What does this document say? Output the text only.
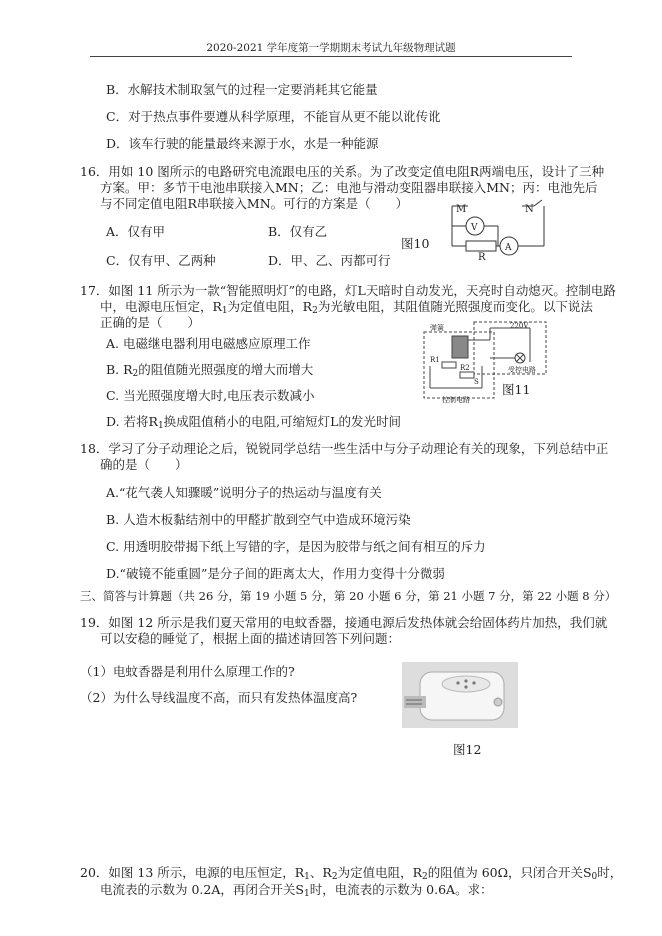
2020-2021 学年度第一学期期末考试九年级物理试题
B．水解技术制取氢气的过程一定要消耗其它能量
C．对于热点事件要遵从科学原理，不能盲从更不能以讹传讹
D．该车行驶的能量最终来源于水，水是一种能源
16．用如 10 图所示的电路研究电流跟电压的关系。为了改变定值电阻R两端电压，设计了三种
方案。甲：多节干电池串联接入MN；乙：电池与滑动变阻器串联接入MN；丙：电池先后
与不同定值电阻R串联接入MN。可行的方案是（　　）
A．仅有甲	B．仅有乙
C．仅有甲、乙两种	D．甲、乙、丙都可行
图10
M	N
V
R
A
17．如图 11 所示为一款“智能照明灯”的电路，灯L天暗时自动发光，天亮时自动熄灭。控制电路
中，电源电压恒定，$R_1$为定值电阻，$R_2$为光敏电阻，其阻值随光照强度而变化。以下说法
正确的是（　　）
A. 电磁继电器利用电磁感应原理工作
B. $R_2$的阻值随光照强度的增大而增大
C. 当光照强度增大时,电压表示数减小
D. 若将$R_1$换成阻值稍小的电阻,可缩短灯L的发光时间
弹簧	220V
受控电路
控制电路
R1
R2
S 图11
18．学习了分子动理论之后，锐锐同学总结一些生活中与分子动理论有关的现象，下列总结中正
确的是（　　）
A.“花气袭人知骤暖”说明分子的热运动与温度有关
B. 人造木板黏结剂中的甲醛扩散到空气中造成环境污染
C. 用透明胶带揭下纸上写错的字，是因为胶带与纸之间有相互的斥力
D.“破镜不能重圆”是分子间的距离太大，作用力变得十分微弱
三、简答与计算题（共 26 分，第 19 小题 5 分，第 20 小题 6 分，第 21 小题 7 分，第 22 小题 8 分）
19．如图 12 所示是我们夏天常用的电蚊香器，接通电源后发热体就会给固体药片加热，我们就
可以安稳的睡觉了，根据上面的描述请回答下列问题：
（1）电蚊香器是利用什么原理工作的?
（2）为什么导线温度不高，而只有发热体温度高?
图12
20．如图 13 所示，电源的电压恒定，$R_1$、$R_2$为定值电阻，$R_2$的阻值为 60Ω，只闭合开关$S_0$时，
电流表的示数为 0.2A，再闭合开关$S_1$时，电流表的示数为 0.6A。求：
